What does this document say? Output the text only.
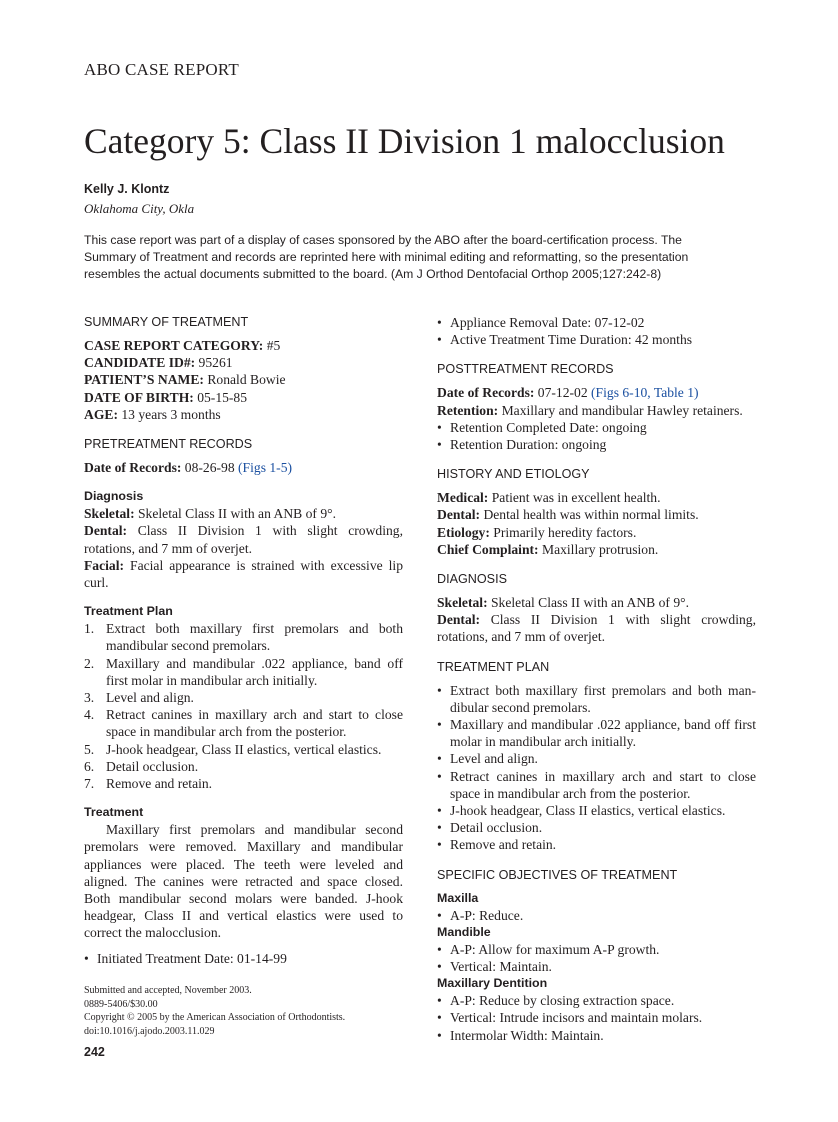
ABO CASE REPORT
Category 5: Class II Division 1 malocclusion
Kelly J. Klontz
Oklahoma City, Okla
This case report was part of a display of cases sponsored by the ABO after the board-certification process. The Summary of Treatment and records are reprinted here with minimal editing and reformatting, so the presentation resembles the actual documents submitted to the board. (Am J Orthod Dentofacial Orthop 2005;127:242-8)
SUMMARY OF TREATMENT
CASE REPORT CATEGORY: #5
CANDIDATE ID#: 95261
PATIENT’S NAME: Ronald Bowie
DATE OF BIRTH: 05-15-85
AGE: 13 years 3 months
PRETREATMENT RECORDS
Date of Records: 08-26-98 (Figs 1-5)
Diagnosis
Skeletal: Skeletal Class II with an ANB of 9°.
Dental: Class II Division 1 with slight crowding, rotations, and 7 mm of overjet.
Facial: Facial appearance is strained with excessive lip curl.
Treatment Plan
1. Extract both maxillary first premolars and both mandibular second premolars.
2. Maxillary and mandibular .022 appliance, band off first molar in mandibular arch initially.
3. Level and align.
4. Retract canines in maxillary arch and start to close space in mandibular arch from the posterior.
5. J-hook headgear, Class II elastics, vertical elastics.
6. Detail occlusion.
7. Remove and retain.
Treatment
Maxillary first premolars and mandibular second premolars were removed. Maxillary and mandibular appliances were placed. The teeth were leveled and aligned. The canines were retracted and space closed. Both mandibular second molars were banded. J-hook headgear, Class II and vertical elastics were used to correct the malocclusion.
• Initiated Treatment Date: 01-14-99
• Appliance Removal Date: 07-12-02
• Active Treatment Time Duration: 42 months
POSTTREATMENT RECORDS
Date of Records: 07-12-02 (Figs 6-10, Table 1)
Retention: Maxillary and mandibular Hawley retainers.
• Retention Completed Date: ongoing
• Retention Duration: ongoing
HISTORY AND ETIOLOGY
Medical: Patient was in excellent health.
Dental: Dental health was within normal limits.
Etiology: Primarily heredity factors.
Chief Complaint: Maxillary protrusion.
DIAGNOSIS
Skeletal: Skeletal Class II with an ANB of 9°.
Dental: Class II Division 1 with slight crowding, rotations, and 7 mm of overjet.
TREATMENT PLAN
• Extract both maxillary first premolars and both man-dibular second premolars.
• Maxillary and mandibular .022 appliance, band off first molar in mandibular arch initially.
• Level and align.
• Retract canines in maxillary arch and start to close space in mandibular arch from the posterior.
• J-hook headgear, Class II elastics, vertical elastics.
• Detail occlusion.
• Remove and retain.
SPECIFIC OBJECTIVES OF TREATMENT
Maxilla
• A-P: Reduce.
Mandible
• A-P: Allow for maximum A-P growth.
• Vertical: Maintain.
Maxillary Dentition
• A-P: Reduce by closing extraction space.
• Vertical: Intrude incisors and maintain molars.
• Intermolar Width: Maintain.
Submitted and accepted, November 2003.
0889-5406/$30.00
Copyright © 2005 by the American Association of Orthodontists.
doi:10.1016/j.ajodo.2003.11.029
242
